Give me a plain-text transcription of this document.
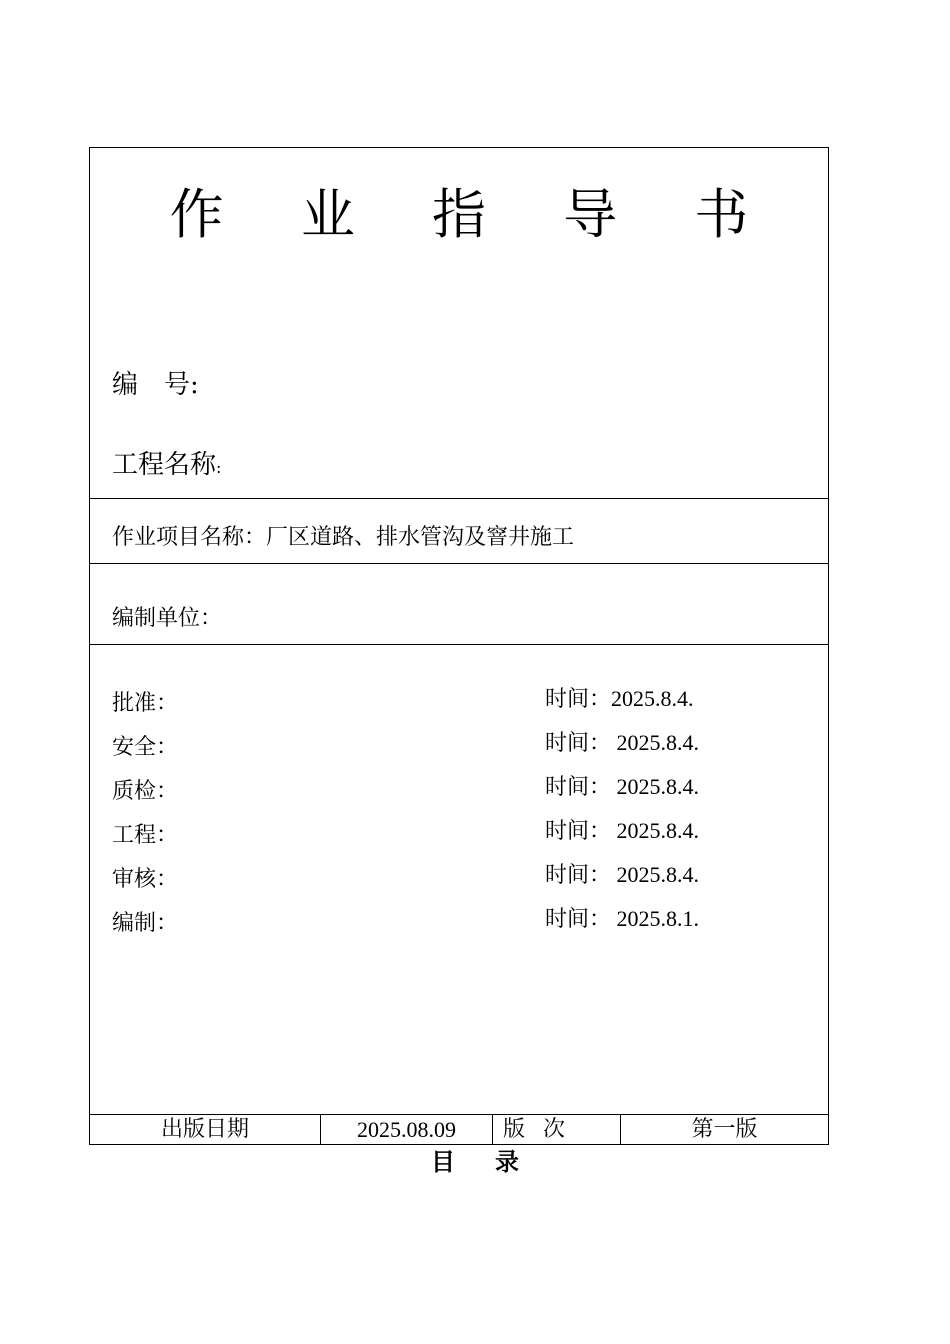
作 业 指 导 书
编　号:
工程名称:
作业项目名称：厂区道路、排水管沟及窨井施工
编制单位：
批准：	时间：2025.8.4.
安全：	时间： 2025.8.4.
质检：	时间： 2025.8.4.
工程：	时间： 2025.8.4.
审核：	时间： 2025.8.4.
编制：	时间： 2025.8.1.
出版日期	2025.08.09	版次	第一版
目录
